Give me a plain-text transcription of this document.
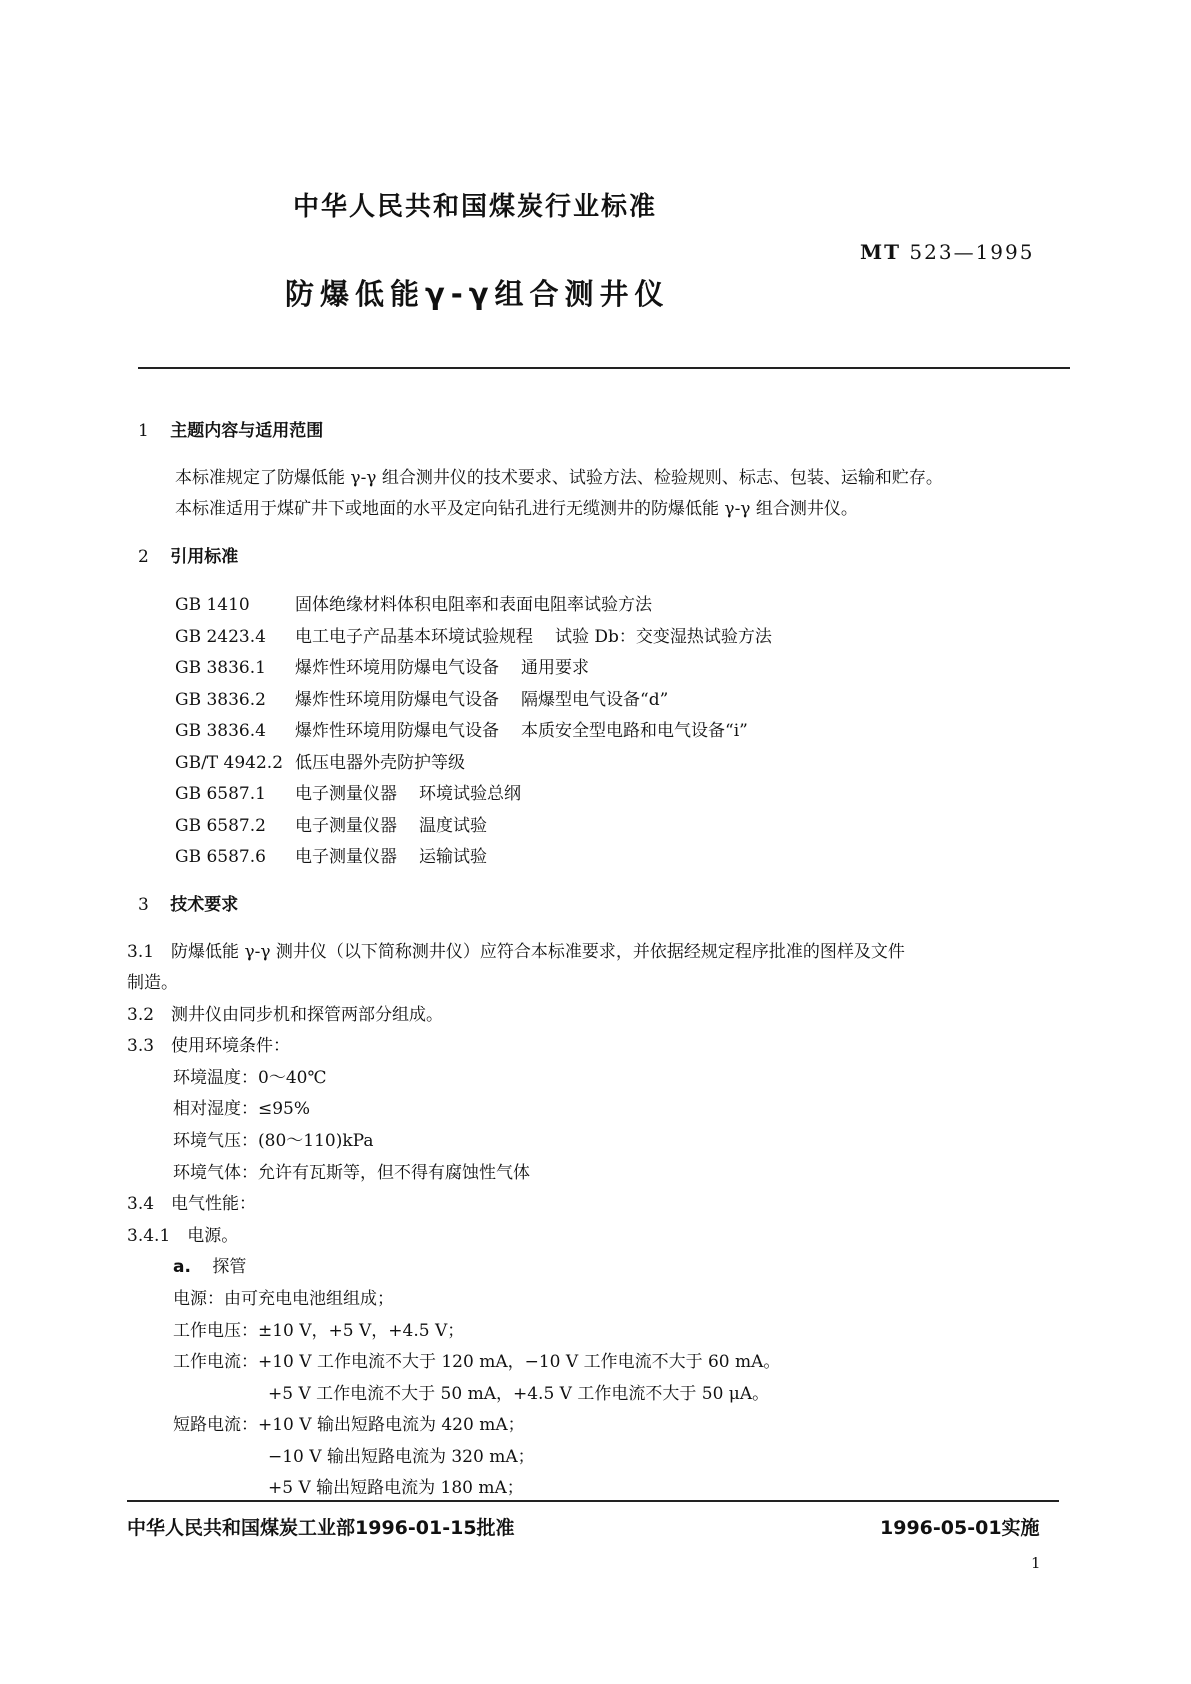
中华人民共和国煤炭行业标准
MT 523—1995
防爆低能γ-γ组合测井仪
1 主题内容与适用范围
本标准规定了防爆低能 γ-γ 组合测井仪的技术要求、试验方法、检验规则、标志、包装、运输和贮存。
本标准适用于煤矿井下或地面的水平及定向钻孔进行无缆测井的防爆低能 γ-γ 组合测井仪。
2 引用标准
GB 1410	固体绝缘材料体积电阻率和表面电阻率试验方法
GB 2423.4 电工电子产品基本环境试验规程 试验 Db：交变湿热试验方法
GB 3836.1 爆炸性环境用防爆电气设备 通用要求
GB 3836.2 爆炸性环境用防爆电气设备 隔爆型电气设备“d”
GB 3836.4 爆炸性环境用防爆电气设备 本质安全型电路和电气设备“i”
GB/T 4942.2 低压电器外壳防护等级
GB 6587.1 电子测量仪器 环境试验总纲
GB 6587.2 电子测量仪器 温度试验
GB 6587.6 电子测量仪器 运输试验
3 技术要求
3.1　防爆低能 γ-γ 测井仪（以下简称测井仪）应符合本标准要求，并依据经规定程序批准的图样及文件
制造。
3.2　测井仪由同步机和探管两部分组成。
3.3　使用环境条件：
环境温度：0～40℃
相对湿度：≤95%
环境气压：(80～110)kPa
环境气体：允许有瓦斯等，但不得有腐蚀性气体
3.4　电气性能：
3.4.1　电源。
a. 探管
电源：由可充电电池组组成；
工作电压：±10 V，+5 V，+4.5 V；
工作电流：+10 V 工作电流不大于 120 mA，−10 V 工作电流不大于 60 mA。
+5 V 工作电流不大于 50 mA，+4.5 V 工作电流不大于 50 μA。
短路电流：+10 V 输出短路电流为 420 mA；
−10 V 输出短路电流为 320 mA；
+5 V 输出短路电流为 180 mA；
中华人民共和国煤炭工业部1996-01-15批准	1996-05-01实施
1
